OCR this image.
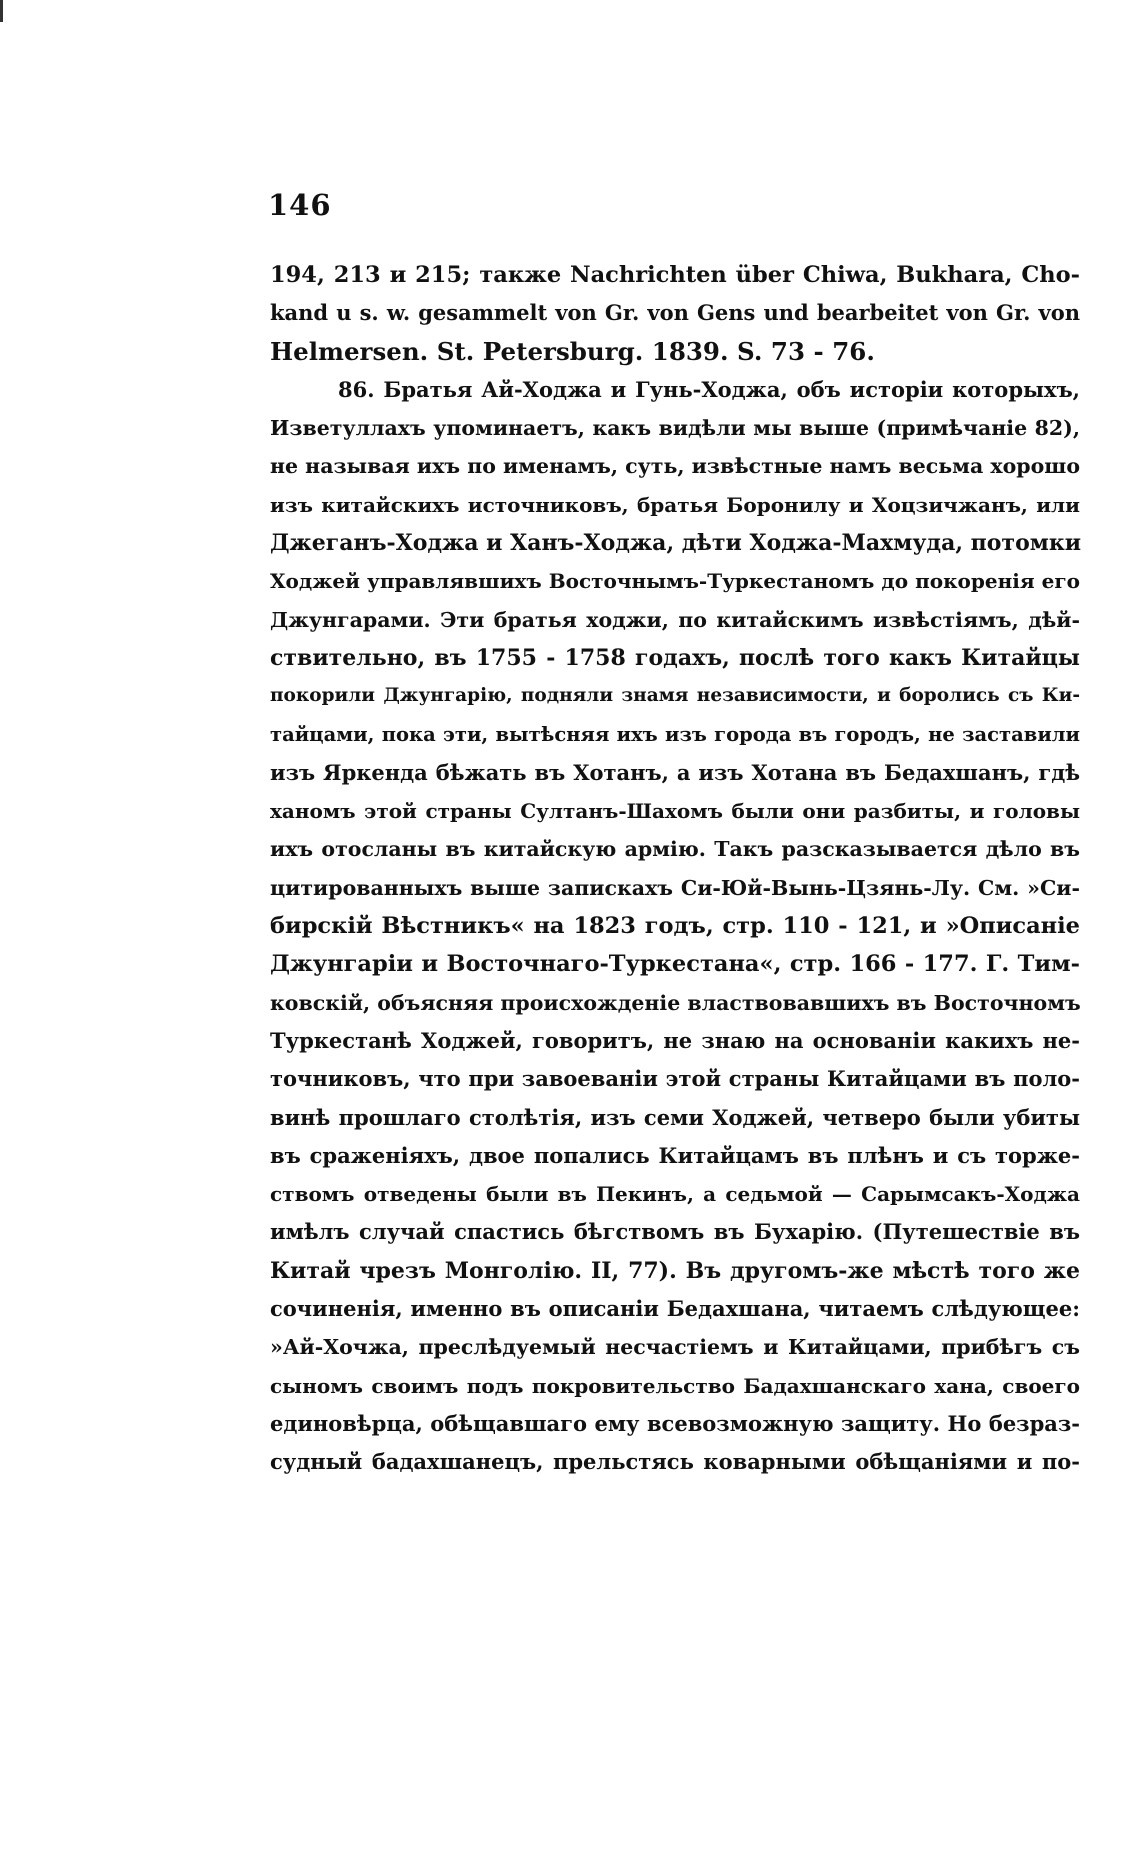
146
194, 213 и 215; также Nachrichten über Chiwa, Bukhara, Cho-
kand u s. w. gesammelt von Gr. von Gens und bearbeitet von Gr. von
Helmersen. St. Petersburg. 1839. S. 73 - 76.
86. Братья Ай-Ходжа и Гунь-Ходжа, объ исторіи которыхъ,
Изветуллахъ упоминаетъ, какъ видѣли мы выше (примѣчаніе 82),
не называя ихъ по именамъ, суть, извѣстные намъ весьма хорошо
изъ китайскихъ источниковъ, братья Боронилу и Хоцзичжанъ, или
Джеганъ-Ходжа и Ханъ-Ходжа, дѣти Ходжа-Махмуда, потомки
Ходжей управлявшихъ Восточнымъ-Туркестаномъ до покоренія его
Джунгарами. Эти братья ходжи, по китайскимъ извѣстіямъ, дѣй-
ствительно, въ 1755 - 1758 годахъ, послѣ того какъ Китайцы
покорили Джунгарію, подняли знамя независимости, и боролись съ Ки-
тайцами, пока эти, вытѣсняя ихъ изъ города въ городъ, не заставили
изъ Яркенда бѣжать въ Хотанъ, а изъ Хотана въ Бедахшанъ, гдѣ
ханомъ этой страны Султанъ-Шахомъ были они разбиты, и головы
ихъ отосланы въ китайскую армію. Такъ разсказывается дѣло въ
цитированныхъ выше запискахъ Си-Юй-Вынь-Цзянь-Лу. См. »Си-
бирскій Вѣстникъ« на 1823 годъ, стр. 110 - 121, и »Описаніе
Джунгаріи и Восточнаго-Туркестана«, стр. 166 - 177. Г. Тим-
ковскій, объясняя происхожденіе властвовавшихъ въ Восточномъ
Туркестанѣ Ходжей, говоритъ, не знаю на основаніи какихъ не-
точниковъ, что при завоеваніи этой страны Китайцами въ поло-
винѣ прошлаго столѣтія, изъ семи Ходжей, четверо были убиты
въ сраженіяхъ, двое попались Китайцамъ въ плѣнъ и съ торже-
ствомъ отведены были въ Пекинъ, а седьмой — Сарымсакъ-Ходжа
имѣлъ случай спастись бѣгствомъ въ Бухарію. (Путешествіе въ
Китай чрезъ Монголію. II, 77). Въ другомъ-же мѣстѣ того же
сочиненія, именно въ описаніи Бедахшана, читаемъ слѣдующее:
»Ай-Хочжа, преслѣдуемый несчастіемъ и Китайцами, прибѣгъ съ
сыномъ своимъ подъ покровительство Бадахшанскаго хана, своего
единовѣрца, обѣщавшаго ему всевозможную защиту. Но безраз-
судный бадахшанецъ, прельстясь коварными обѣщаніями и по-
